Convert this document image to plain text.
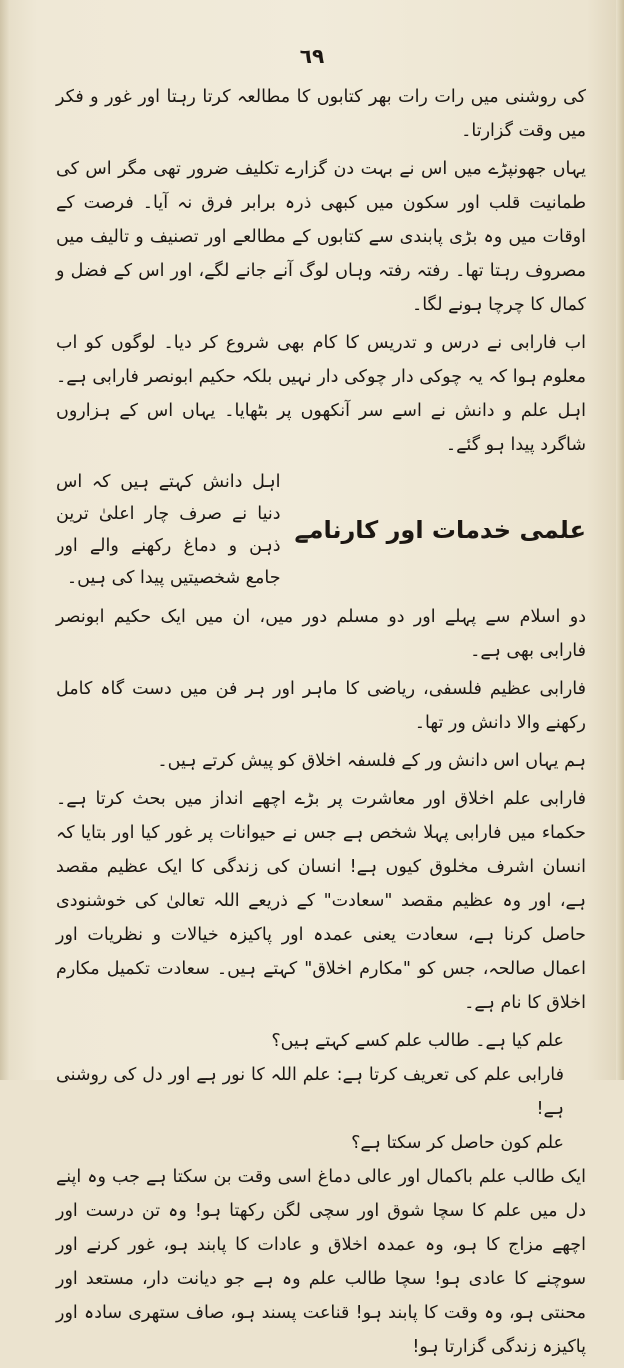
٦٩

کی روشنی میں رات رات بھر کتابوں کا مطالعہ کرتا رہتا اور غور و فکر میں وقت گزارتا۔

یہاں جھونپڑے میں اس نے بہت دن گزارے تکلیف ضرور تھی مگر اس کی طمانیت قلب اور سکون میں کبھی ذرہ برابر فرق نہ آیا۔ فرصت کے اوقات میں وہ بڑی پابندی سے کتابوں کے مطالعے اور تصنیف و تالیف میں مصروف رہتا تھا۔ رفتہ رفتہ وہاں لوگ آنے جانے لگے، اور اس کے فضل و کمال کا چرچا ہونے لگا۔

اب فارابی نے درس و تدریس کا کام بھی شروع کر دیا۔ لوگوں کو اب معلوم ہوا کہ یہ چوکی دار چوکی دار نہیں بلکہ حکیم ابونصر فارابی ہے۔ اہل علم و دانش نے اسے سر آنکھوں پر بٹھایا۔ یہاں اس کے ہزاروں شاگرد پیدا ہو گئے۔

علمی خدمات اور کارنامے
اہل دانش کہتے ہیں کہ اس دنیا نے صرف چار اعلیٰ ترین ذہن و دماغ رکھنے والے اور جامع شخصیتیں پیدا کی ہیں۔

دو اسلام سے پہلے اور دو مسلم دور میں، ان میں ایک حکیم ابونصر فارابی بھی ہے۔

فارابی عظیم فلسفی، ریاضی کا ماہر اور ہر فن میں دست گاہ کامل رکھنے والا دانش ور تھا۔

ہم یہاں اس دانش ور کے فلسفہ اخلاق کو پیش کرتے ہیں۔

فارابی علم اخلاق اور معاشرت پر بڑے اچھے انداز میں بحث کرتا ہے۔ حکماء میں فارابی پہلا شخص ہے جس نے حیوانات پر غور کیا اور بتایا کہ انسان اشرف مخلوق کیوں ہے! انسان کی زندگی کا ایک عظیم مقصد ہے، اور وہ عظیم مقصد "سعادت" کے ذریعے اللہ تعالیٰ کی خوشنودی حاصل کرنا ہے، سعادت یعنی عمدہ اور پاکیزہ خیالات و نظریات اور اعمال صالحہ، جس کو "مکارم اخلاق" کہتے ہیں۔ سعادت تکمیل مکارم اخلاق کا نام ہے۔

علم کیا ہے۔ طالب علم کسے کہتے ہیں؟

فارابی علم کی تعریف کرتا ہے: علم اللہ کا نور ہے اور دل کی روشنی ہے!

علم کون حاصل کر سکتا ہے؟

ایک طالب علم باکمال اور عالی دماغ اسی وقت بن سکتا ہے جب وہ اپنے دل میں علم کا سچا شوق اور سچی لگن رکھتا ہو! وہ تن درست اور اچھے مزاج کا ہو، وہ عمدہ اخلاق و عادات کا پابند ہو، غور کرنے اور سوچنے کا عادی ہو! سچا طالب علم وہ ہے جو دیانت دار، مستعد اور محنتی ہو، وہ وقت کا پابند ہو! قناعت پسند ہو، صاف ستھری سادہ اور پاکیزہ زندگی گزارتا ہو!
